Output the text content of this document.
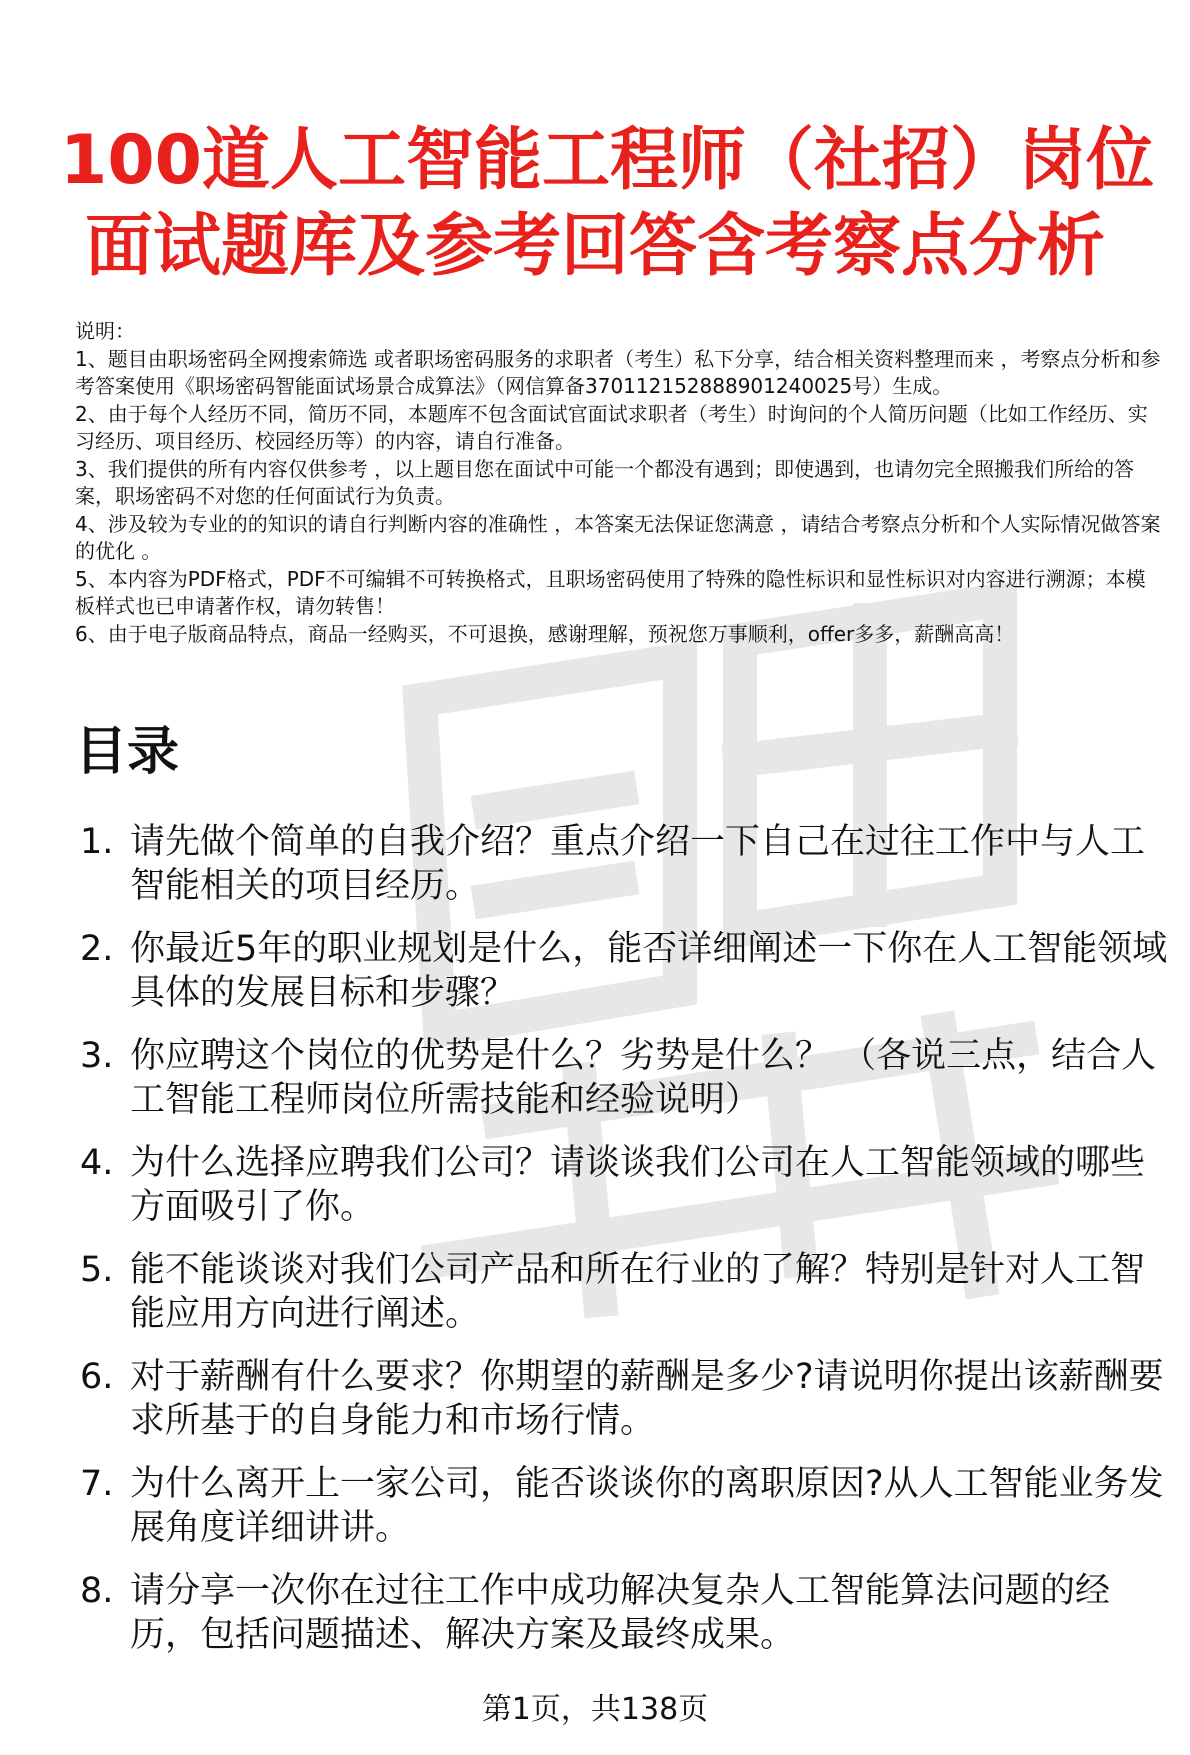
100道人工智能工程师（社招）岗位
面试题库及参考回答含考察点分析
说明：
1、题目由职场密码全网搜索筛选 或者职场密码服务的求职者（考生）私下分享，结合相关资料整理而来 ，考察点分析和参考答案使用《职场密码智能面试场景合成算法》（网信算备370112152888901240025号）生成。
2、由于每个人经历不同，简历不同，本题库不包含面试官面试求职者（考生）时询问的个人简历问题（比如工作经历、实习经历、项目经历、校园经历等）的内容，请自行准备。
3、我们提供的所有内容仅供参考 ，以上题目您在面试中可能一个都没有遇到；即使遇到，也请勿完全照搬我们所给的答案，职场密码不对您的任何面试行为负责。
4、涉及较为专业的的知识的请自行判断内容的准确性 ，本答案无法保证您满意 ，请结合考察点分析和个人实际情况做答案的优化 。
5、本内容为PDF格式，PDF不可编辑不可转换格式，且职场密码使用了特殊的隐性标识和显性标识对内容进行溯源；本模板样式也已申请著作权，请勿转售！
6、由于电子版商品特点，商品一经购买，不可退换，感谢理解，预祝您万事顺利，offer多多，薪酬高高！
目录
1. 请先做个简单的自我介绍？重点介绍一下自己在过往工作中与人工智能相关的项目经历。
2. 你最近5年的职业规划是什么，能否详细阐述一下你在人工智能领域具体的发展目标和步骤？
3. 你应聘这个岗位的优势是什么？劣势是什么？ （各说三点，结合人工智能工程师岗位所需技能和经验说明）
4. 为什么选择应聘我们公司？请谈谈我们公司在人工智能领域的哪些方面吸引了你。
5. 能不能谈谈对我们公司产品和所在行业的了解？特别是针对人工智能应用方向进行阐述。
6. 对于薪酬有什么要求？你期望的薪酬是多少?请说明你提出该薪酬要求所基于的自身能力和市场行情。
7. 为什么离开上一家公司，能否谈谈你的离职原因?从人工智能业务发展角度详细讲讲。
8. 请分享一次你在过往工作中成功解决复杂人工智能算法问题的经历，包括问题描述、解决方案及最终成果。
第1页，共138页
